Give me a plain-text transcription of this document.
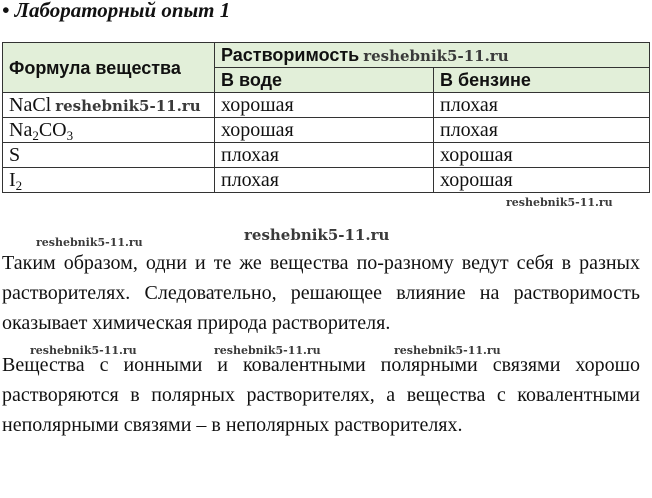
• Лабораторный опыт 1
Формула вещества	Растворимость reshebnik5-11.ru	
	В воде	В бензине
NaCl reshebnik5-11.ru	хорошая	плохая
$Na_2CO_3$	хорошая	плохая
S	плохая	хорошая
$I_2$	плохая	хорошая
reshebnik5-11.ru
reshebnik5-11.ru
reshebnik5-11.ru

Таким образом, одни и те же вещества по-разному ведут себя в разных растворителях. Следовательно, решающее влияние на растворимость оказывает химическая природа растворителя.

reshebnik5-11.ru	reshebnik5-11.ru	reshebnik5-11.ru

Вещества с ионными и ковалентными полярными связями хорошо растворяются в полярных растворителях, а вещества с ковалентными неполярными связями – в неполярных растворителях.
